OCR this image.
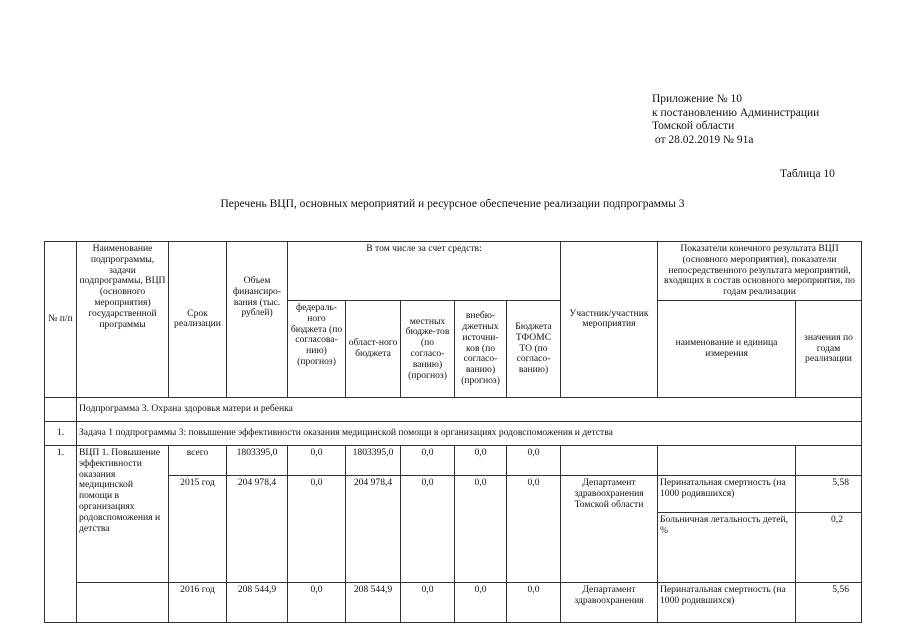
Приложение № 10
к постановлению Администрации
Томской области
от 28.02.2019 № 91а
Таблица 10
Перечень ВЦП, основных мероприятий и ресурсное обеспечение реализации подпрограммы 3
№ п/п	Наименование подпрограммы, задачи подпрограммы, ВЦП (основного мероприятия) государственной программы	Срок реализации	Объем финансиро-вания (тыс. рублей)	В том числе за счет средств:					Участник/участник мероприятия	Показатели конечного результата ВЦП (основного мероприятия), показатели непосредственного результата мероприятий, входящих в состав основного мероприятия, по годам реализации	
				федераль-ного бюджета (по согласова-нию) (прогноз)	област-ного бюджета	местных бюдже-тов (по согласо-ванию) (прогноз)	внебю-джетных источни-ков (по согласо-ванию) (прогноз)	Бюджета ТФОМС ТО (по согласо-ванию)		наименование и единица измерения	значения по годам реализации
	Подпрограмма 3. Охрана здоровья матери и ребенка										
1.	Задача 1 подпрограммы 3: повышение эффективности оказания медицинской помощи в организациях родовспоможения и детства										
1.	ВЦП 1. Повышение эффективности оказания медицинской помощи в организациях родовспоможения и детства	всего	1803395,0	0,0	1803395,0	0,0	0,0	0,0			
		2015 год	204 978,4	0,0	204 978,4	0,0	0,0	0,0	Департамент здравоохранения Томской области	Перинатальная смертность (на 1000 родившихся)	5,58
										Больничная летальность детей, %	0,2
		2016 год	208 544,9	0,0	208 544,9	0,0	0,0	0,0	Департамент здравоохранения	Перинатальная смертность (на 1000 родившихся)	5,56
